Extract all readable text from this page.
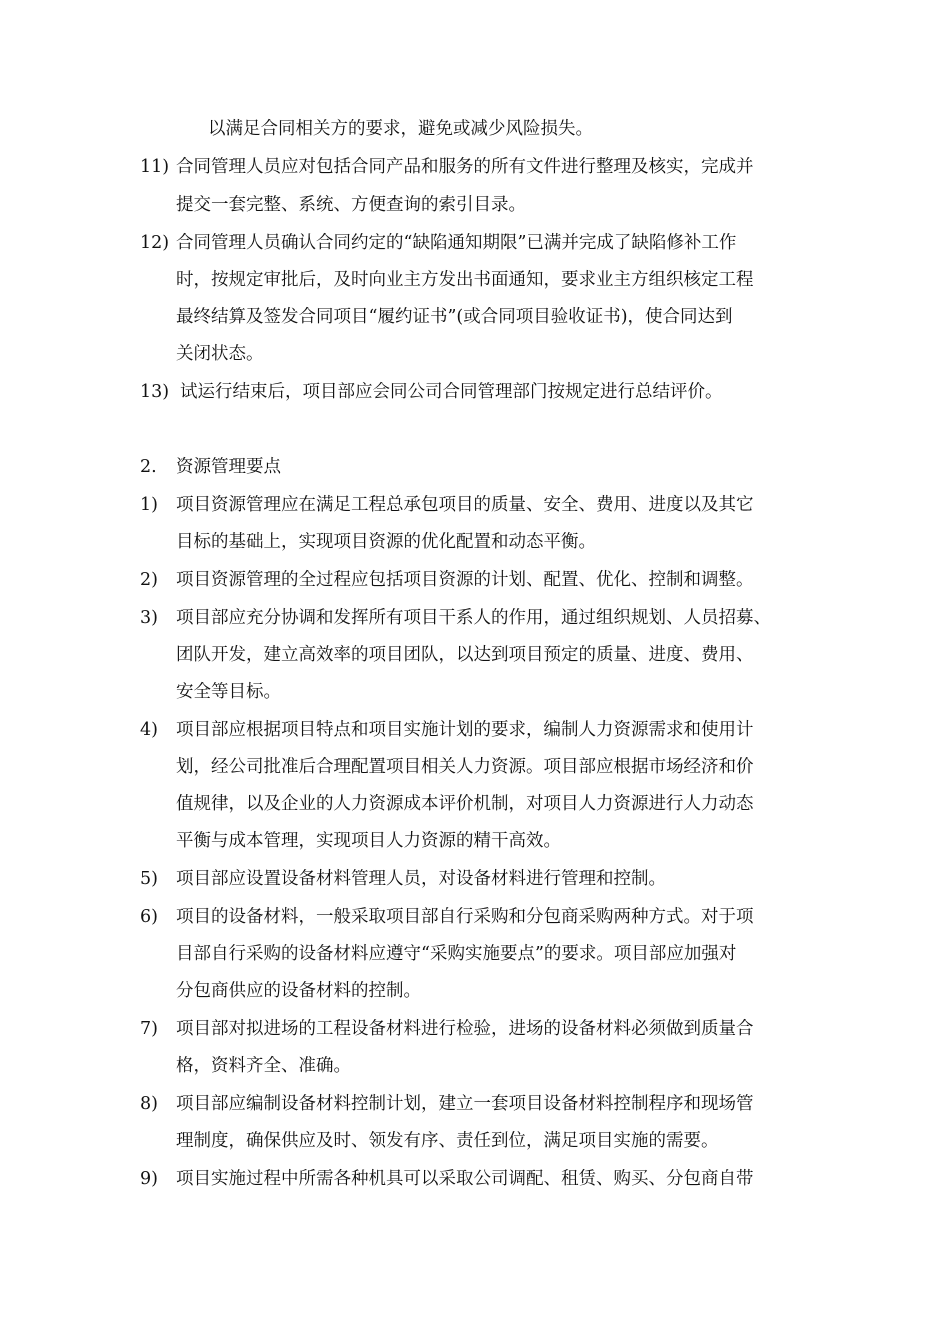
以满足合同相关方的要求，避免或减少风险损失。
11) 合同管理人员应对包括合同产品和服务的所有文件进行整理及核实，完成并
提交一套完整、系统、方便查询的索引目录。
12) 合同管理人员确认合同约定的“缺陷通知期限”已满并完成了缺陷修补工作
时，按规定审批后，及时向业主方发出书面通知，要求业主方组织核定工程
最终结算及签发合同项目“履约证书”(或合同项目验收证书)，使合同达到
关闭状态。
13) 试运行结束后，项目部应会同公司合同管理部门按规定进行总结评价。
2. 资源管理要点
1) 项目资源管理应在满足工程总承包项目的质量、安全、费用、进度以及其它
目标的基础上，实现项目资源的优化配置和动态平衡。
2) 项目资源管理的全过程应包括项目资源的计划、配置、优化、控制和调整。
3) 项目部应充分协调和发挥所有项目干系人的作用，通过组织规划、人员招募、
团队开发，建立高效率的项目团队，以达到项目预定的质量、进度、费用、
安全等目标。
4) 项目部应根据项目特点和项目实施计划的要求，编制人力资源需求和使用计
划，经公司批准后合理配置项目相关人力资源。项目部应根据市场经济和价
值规律，以及企业的人力资源成本评价机制，对项目人力资源进行人力动态
平衡与成本管理，实现项目人力资源的精干高效。
5) 项目部应设置设备材料管理人员，对设备材料进行管理和控制。
6) 项目的设备材料，一般采取项目部自行采购和分包商采购两种方式。对于项
目部自行采购的设备材料应遵守“采购实施要点”的要求。项目部应加强对
分包商供应的设备材料的控制。
7) 项目部对拟进场的工程设备材料进行检验，进场的设备材料必须做到质量合
格，资料齐全、准确。
8) 项目部应编制设备材料控制计划，建立一套项目设备材料控制程序和现场管
理制度，确保供应及时、领发有序、责任到位，满足项目实施的需要。
9) 项目实施过程中所需各种机具可以采取公司调配、租赁、购买、分包商自带
